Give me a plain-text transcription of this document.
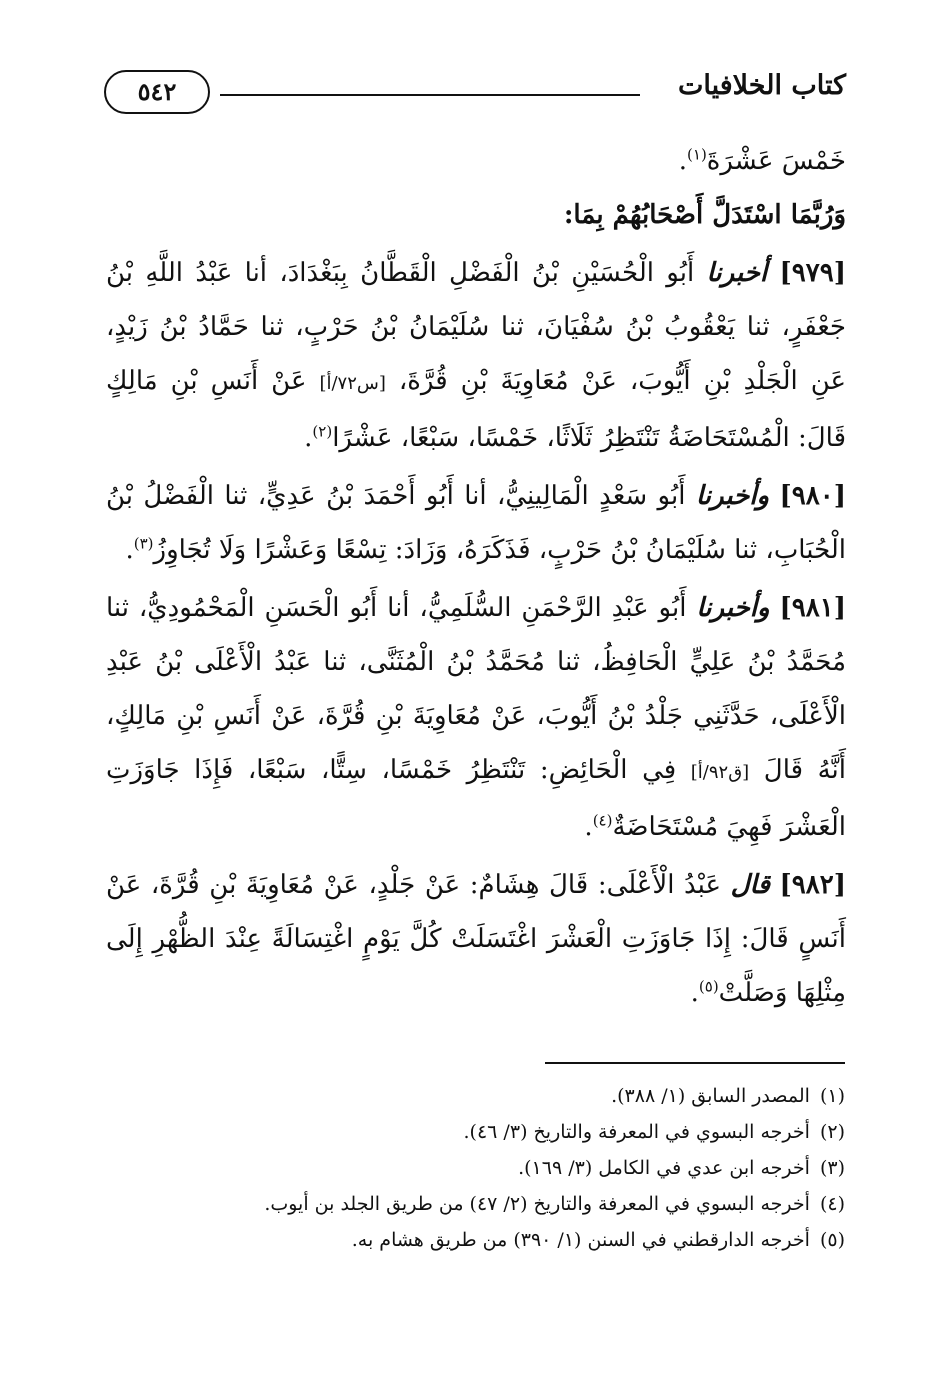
كتاب الخلافيات
٥٤٢

خَمْسَ عَشْرَةَ$^{(١)}$.

وَرُبَّمَا اسْتَدَلَّ أَصْحَابُهُمْ بِمَا:

[٩٧٩] أخبرنا أَبُو الْحُسَيْنِ بْنُ الْفَضْلِ الْقَطَّانُ بِبَغْدَادَ، أنا عَبْدُ اللَّهِ بْنُ جَعْفَرٍ، ثنا يَعْقُوبُ بْنُ سُفْيَانَ، ثنا سُلَيْمَانُ بْنُ حَرْبٍ، ثنا حَمَّادُ بْنُ زَيْدٍ، عَنِ الْجَلْدِ بْنِ أَيُّوبَ، عَنْ مُعَاوِيَةَ بْنِ قُرَّةَ، [س٧٢/أ] عَنْ أَنَسِ بْنِ مَالِكٍ قَالَ: الْمُسْتَحَاضَةُ تَنْتَظِرُ ثَلَاثًا، خَمْسًا، سَبْعًا، عَشْرًا$^{(٢)}$.

[٩٨٠] وأخبرنا أَبُو سَعْدٍ الْمَالِينِيُّ، أنا أَبُو أَحْمَدَ بْنُ عَدِيٍّ، ثنا الْفَضْلُ بْنُ الْحُبَابِ، ثنا سُلَيْمَانُ بْنُ حَرْبٍ، فَذَكَرَهُ، وَزَادَ: تِسْعًا وَعَشْرًا وَلَا تُجَاوِزُ$^{(٣)}$.

[٩٨١] وأخبرنا أَبُو عَبْدِ الرَّحْمَنِ السُّلَمِيُّ، أنا أَبُو الْحَسَنِ الْمَحْمُودِيُّ، ثنا مُحَمَّدُ بْنُ عَلِيٍّ الْحَافِظُ، ثنا مُحَمَّدُ بْنُ الْمُثَنَّى، ثنا عَبْدُ الْأَعْلَى بْنُ عَبْدِ الْأَعْلَى، حَدَّثَنِي جَلْدُ بْنُ أَيُّوبَ، عَنْ مُعَاوِيَةَ بْنِ قُرَّةَ، عَنْ أَنَسِ بْنِ مَالِكٍ، أَنَّهُ قَالَ [ق٩٢/أ] فِي الْحَائِضِ: تَنْتَظِرُ خَمْسًا، سِتًّا، سَبْعًا، فَإِذَا جَاوَزَتِ الْعَشْرَ فَهِيَ مُسْتَحَاضَةٌ$^{(٤)}$.

[٩٨٢] قال عَبْدُ الْأَعْلَى: قَالَ هِشَامٌ: عَنْ جَلْدٍ، عَنْ مُعَاوِيَةَ بْنِ قُرَّةَ، عَنْ أَنَسٍ قَالَ: إِذَا جَاوَزَتِ الْعَشْرَ اغْتَسَلَتْ كُلَّ يَوْمٍ اغْتِسَالَةً عِنْدَ الظُّهْرِ إِلَى مِثْلِهَا وَصَلَّتْ$^{(٥)}$.

(١)المصدر السابق (١/ ٣٨٨).

(٢)أخرجه البسوي في المعرفة والتاريخ (٣/ ٤٦).

(٣)أخرجه ابن عدي في الكامل (٣/ ١٦٩).

(٤)أخرجه البسوي في المعرفة والتاريخ (٢/ ٤٧) من طريق الجلد بن أيوب.

(٥)أخرجه الدارقطني في السنن (١/ ٣٩٠) من طريق هشام به.
